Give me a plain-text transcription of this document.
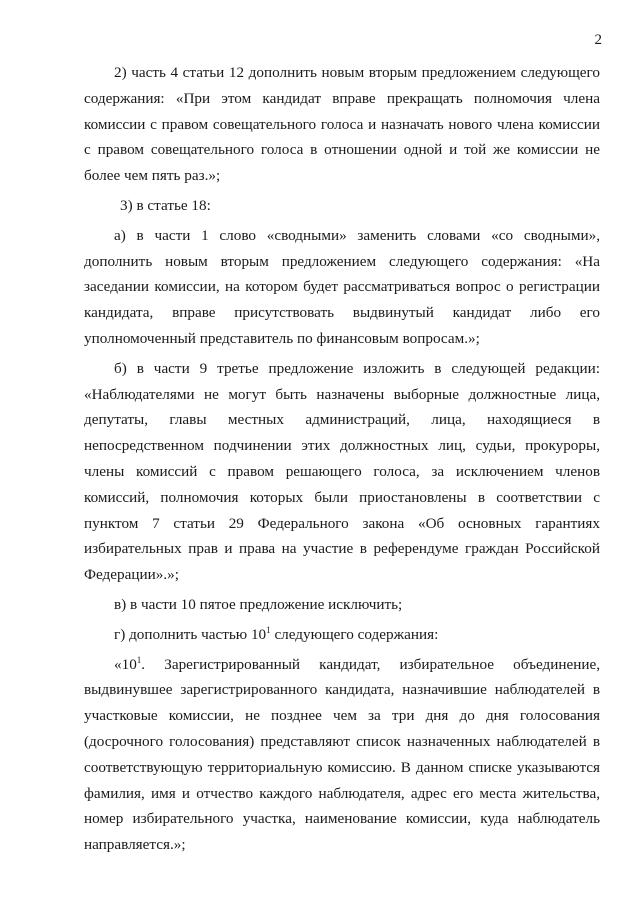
2

2) часть 4 статьи 12 дополнить новым вторым предложением следующего содержания: «При этом кандидат вправе прекращать полномочия члена комиссии с правом совещательного голоса и назначать нового члена комиссии с правом совещательного голоса в отношении одной и той же комиссии не более чем пять раз.»;

3) в статье 18:

а) в части 1 слово «сводными» заменить словами «со сводными», дополнить новым вторым предложением следующего содержания: «На заседании комиссии, на котором будет рассматриваться вопрос о регистрации кандидата, вправе присутствовать выдвинутый кандидат либо его уполномоченный представитель по финансовым вопросам.»;

б) в части 9 третье предложение изложить в следующей редакции: «Наблюдателями не могут быть назначены выборные должностные лица, депутаты, главы местных администраций, лица, находящиеся в непосредственном подчинении этих должностных лиц, судьи, прокуроры, члены комиссий с правом решающего голоса, за исключением членов комиссий, полномочия которых были приостановлены в соответствии с пунктом 7 статьи 29 Федерального закона «Об основных гарантиях избирательных прав и права на участие в референдуме граждан Российской Федерации».»;

в) в части 10 пятое предложение исключить;

г) дополнить частью $10^1$ следующего содержания:

«$10^1$. Зарегистрированный кандидат, избирательное объединение, выдвинувшее зарегистрированного кандидата, назначившие наблюдателей в участковые комиссии, не позднее чем за три дня до дня голосования (досрочного голосования) представляют список назначенных наблюдателей в соответствующую территориальную комиссию. В данном списке указываются фамилия, имя и отчество каждого наблюдателя, адрес его места жительства, номер избирательного участка, наименование комиссии, куда наблюдатель направляется.»;
